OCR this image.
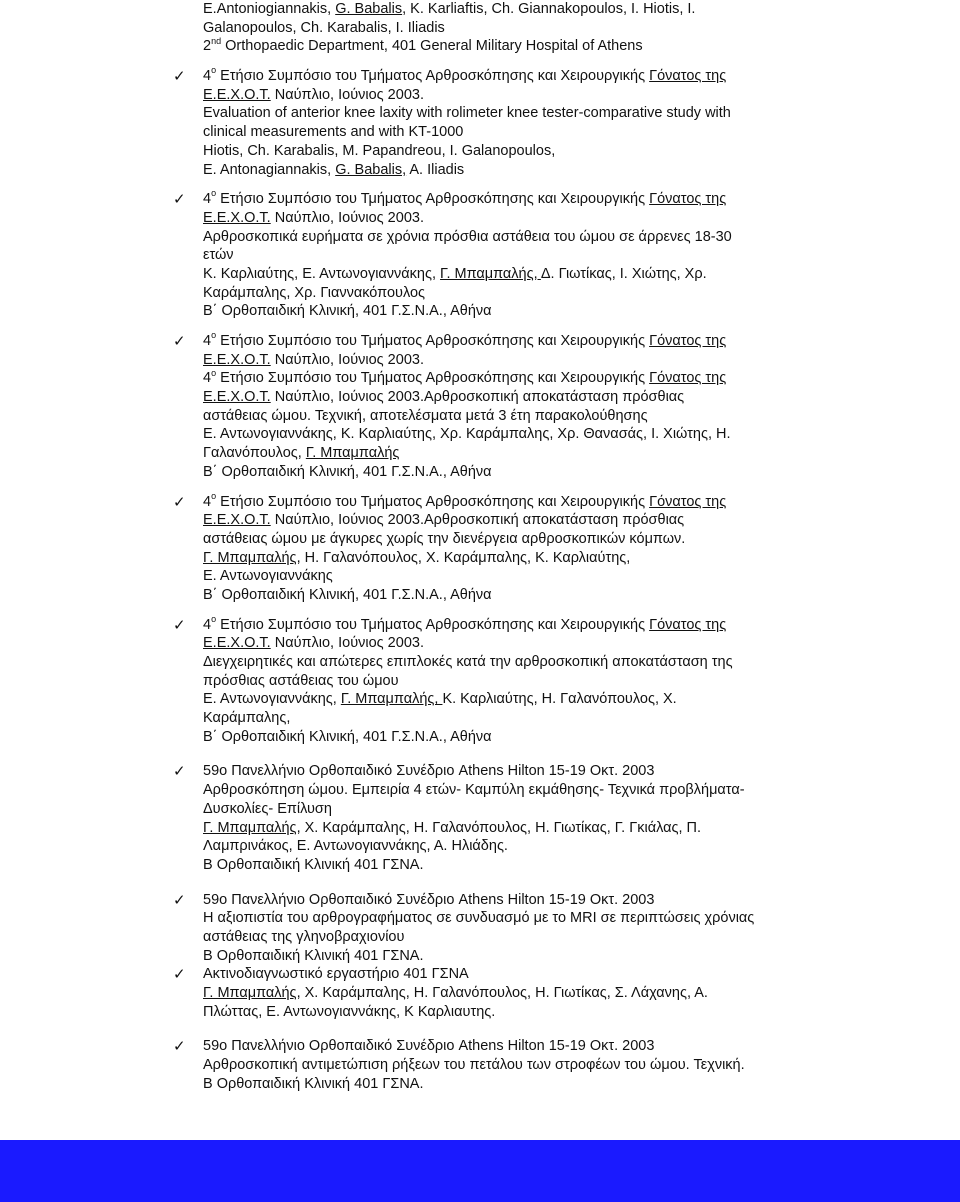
E.Antoniogiannakis, G. Babalis, K. Karliaftis, Ch. Giannakopoulos, I. Hiotis, I.
Galanopoulos, Ch. Karabalis, I. Iliadis
2nd Orthopaedic Department, 401 General Military Hospital of Athens
✓ $4^o$ Ετήσιο Συμπόσιο του Τμήματος Αρθροσκόπησης και Χειρουργικής Γόνατος της
Ε.Ε.Χ.Ο.Τ. Ναύπλιο, Ιούνιος 2003.
Evaluation of anterior knee laxity with rolimeter knee tester-comparative study with
clinical measurements and with KT-1000
Hiotis, Ch. Karabalis, M. Papandreou, I. Galanopoulos,
E. Antonagiannakis, G. Babalis, A. Iliadis
✓ $4^o$ Ετήσιο Συμπόσιο του Τμήματος Αρθροσκόπησης και Χειρουργικής Γόνατος της
Ε.Ε.Χ.Ο.Τ. Ναύπλιο, Ιούνιος 2003.
Αρθροσκοπικά ευρήματα σε χρόνια πρόσθια αστάθεια του ώμου σε άρρενες 18-30
ετών
Κ. Καρλιαύτης, Ε. Αντωνογιαννάκης, Γ. Μπαμπαλής, Δ. Γιωτίκας, Ι. Χιώτης, Χρ.
Καράμπαλης, Χρ. Γιαννακόπουλος
Β΄ Ορθοπαιδική Κλινική, 401 Γ.Σ.Ν.Α., Αθήνα
✓ $4^o$ Ετήσιο Συμπόσιο του Τμήματος Αρθροσκόπησης και Χειρουργικής Γόνατος της
Ε.Ε.Χ.Ο.Τ. Ναύπλιο, Ιούνιος 2003.
$4^o$ Ετήσιο Συμπόσιο του Τμήματος Αρθροσκόπησης και Χειρουργικής Γόνατος της
Ε.Ε.Χ.Ο.Τ. Ναύπλιο, Ιούνιος 2003.Αρθροσκοπική αποκατάσταση πρόσθιας
αστάθειας ώμου. Τεχνική, αποτελέσματα μετά 3 έτη παρακολούθησης
Ε. Αντωνογιαννάκης, Κ. Καρλιαύτης, Χρ. Καράμπαλης, Χρ. Θανασάς, Ι. Χιώτης, Η.
Γαλανόπουλος, Γ. Μπαμπαλής
Β΄ Ορθοπαιδική Κλινική, 401 Γ.Σ.Ν.Α., Αθήνα
✓ $4^o$ Ετήσιο Συμπόσιο του Τμήματος Αρθροσκόπησης και Χειρουργικής Γόνατος της
Ε.Ε.Χ.Ο.Τ. Ναύπλιο, Ιούνιος 2003.Αρθροσκοπική αποκατάσταση πρόσθιας
αστάθειας ώμου με άγκυρες χωρίς την διενέργεια αρθροσκοπικών κόμπων.
Γ. Μπαμπαλής, Η. Γαλανόπουλος, Χ. Καράμπαλης, Κ. Καρλιαύτης,
Ε. Αντωνογιαννάκης
Β΄ Ορθοπαιδική Κλινική, 401 Γ.Σ.Ν.Α., Αθήνα
✓ $4^o$ Ετήσιο Συμπόσιο του Τμήματος Αρθροσκόπησης και Χειρουργικής Γόνατος της
Ε.Ε.Χ.Ο.Τ. Ναύπλιο, Ιούνιος 2003.
Διεγχειρητικές και απώτερες επιπλοκές κατά την αρθροσκοπική αποκατάσταση της
πρόσθιας αστάθειας του ώμου
Ε. Αντωνογιαννάκης, Γ. Μπαμπαλής, Κ. Καρλιαύτης, Η. Γαλανόπουλος, Χ.
Καράμπαλης,
Β΄ Ορθοπαιδική Κλινική, 401 Γ.Σ.Ν.Α., Αθήνα
✓ 59ο Πανελλήνιο Ορθοπαιδικό Συνέδριο Athens Hilton 15-19 Οκτ. 2003
Αρθροσκόπηση ώμου. Εμπειρία 4 ετών- Καμπύλη εκμάθησης- Τεχνικά προβλήματα-
Δυσκολίες- Επίλυση
Γ. Μπαμπαλής, Χ. Καράμπαλης, Η. Γαλανόπουλος, Η. Γιωτίκας, Γ. Γκιάλας, Π.
Λαμπρινάκος, Ε. Αντωνογιαννάκης, Α. Ηλιάδης.
Β Ορθοπαιδική Κλινική 401 ΓΣΝΑ.
✓ 59ο Πανελλήνιο Ορθοπαιδικό Συνέδριο Athens Hilton 15-19 Οκτ. 2003
Η αξιοπιστία του αρθρογραφήματος σε συνδυασμό με το MRI σε περιπτώσεις χρόνιας
αστάθειας της γληνοβραχιονίου
Β Ορθοπαιδική Κλινική 401 ΓΣΝΑ.
✓ Ακτινοδιαγνωστικό εργαστήριο 401 ΓΣΝΑ
Γ. Μπαμπαλής, Χ. Καράμπαλης, Η. Γαλανόπουλος, Η. Γιωτίκας, Σ. Λάχανης, Α.
Πλώττας, Ε. Αντωνογιαννάκης, Κ Καρλιαυτης.
✓ 59ο Πανελλήνιο Ορθοπαιδικό Συνέδριο Athens Hilton 15-19 Οκτ. 2003
Αρθροσκοπική αντιμετώπιση ρήξεων του πετάλου των στροφέων του ώμου. Τεχνική.
Β Ορθοπαιδική Κλινική 401 ΓΣΝΑ.
